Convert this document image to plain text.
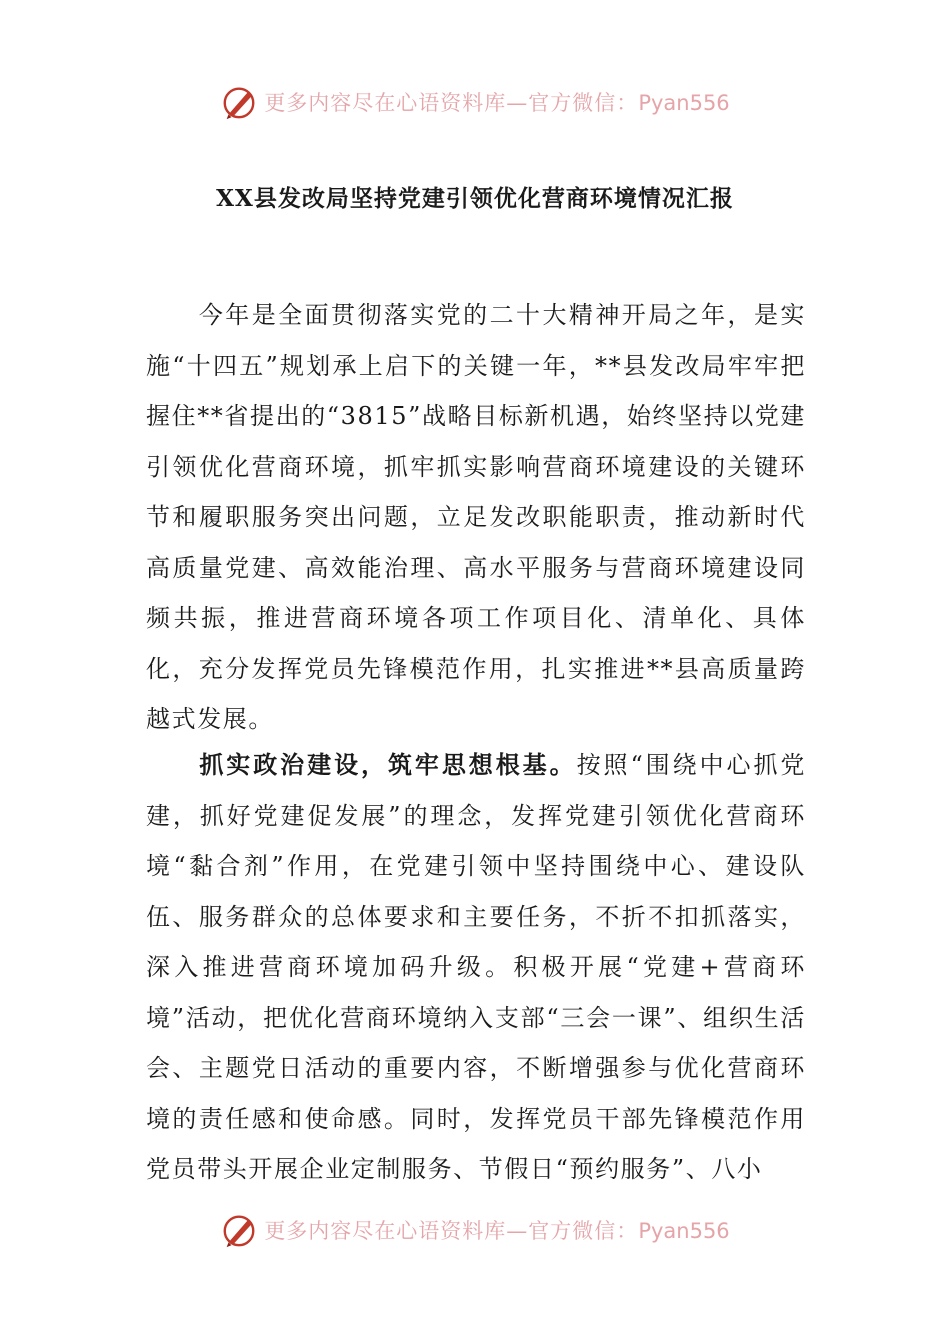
更多内容尽在心语资料库—官方微信：Pyan556
XX县发改局坚持党建引领优化营商环境情况汇报
今年是全面贯彻落实党的二十大精神开局之年，是实施“十四五”规划承上启下的关键一年，**县发改局牢牢把握住**省提出的“3815”战略目标新机遇，始终坚持以党建引领优化营商环境，抓牢抓实影响营商环境建设的关键环节和履职服务突出问题，立足发改职能职责，推动新时代高质量党建、高效能治理、高水平服务与营商环境建设同频共振，推进营商环境各项工作项目化、清单化、具体化，充分发挥党员先锋模范作用，扎实推进**县高质量跨越式发展。
抓实政治建设，筑牢思想根基。按照“围绕中心抓党建，抓好党建促发展”的理念，发挥党建引领优化营商环境“黏合剂”作用，在党建引领中坚持围绕中心、建设队伍、服务群众的总体要求和主要任务，不折不扣抓落实，深入推进营商环境加码升级。积极开展“党建+营商环境”活动，把优化营商环境纳入支部“三会一课”、组织生活会、主题党日活动的重要内容，不断增强参与优化营商环境的责任感和使命感。同时，发挥党员干部先锋模范作用党员带头开展企业定制服务、节假日“预约服务”、八小
更多内容尽在心语资料库—官方微信：Pyan556
